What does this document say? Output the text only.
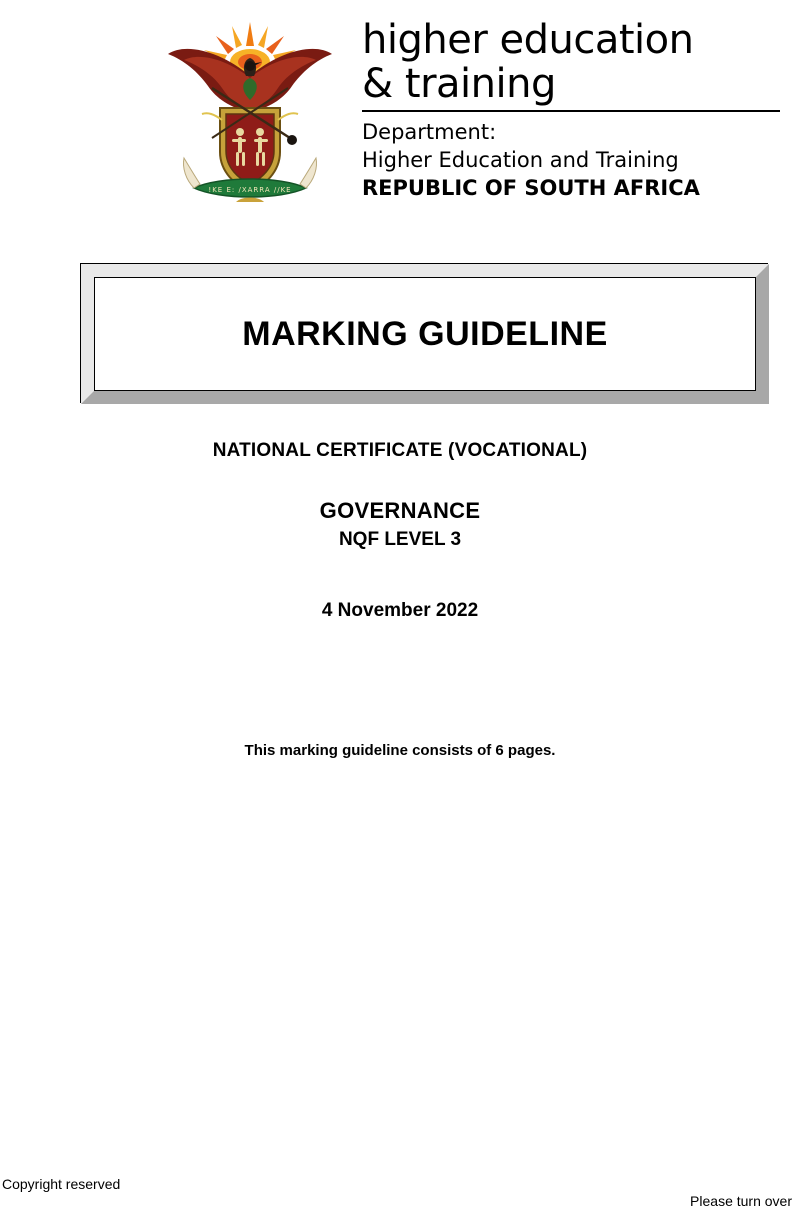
!KE E: /XARRA //KE
higher education
& training
Department:
Higher Education and Training
REPUBLIC OF SOUTH AFRICA
MARKING GUIDELINE
NATIONAL CERTIFICATE (VOCATIONAL)
GOVERNANCE
NQF LEVEL 3
4 November 2022
This marking guideline consists of 6 pages.
Copyright reserved
Please turn over
